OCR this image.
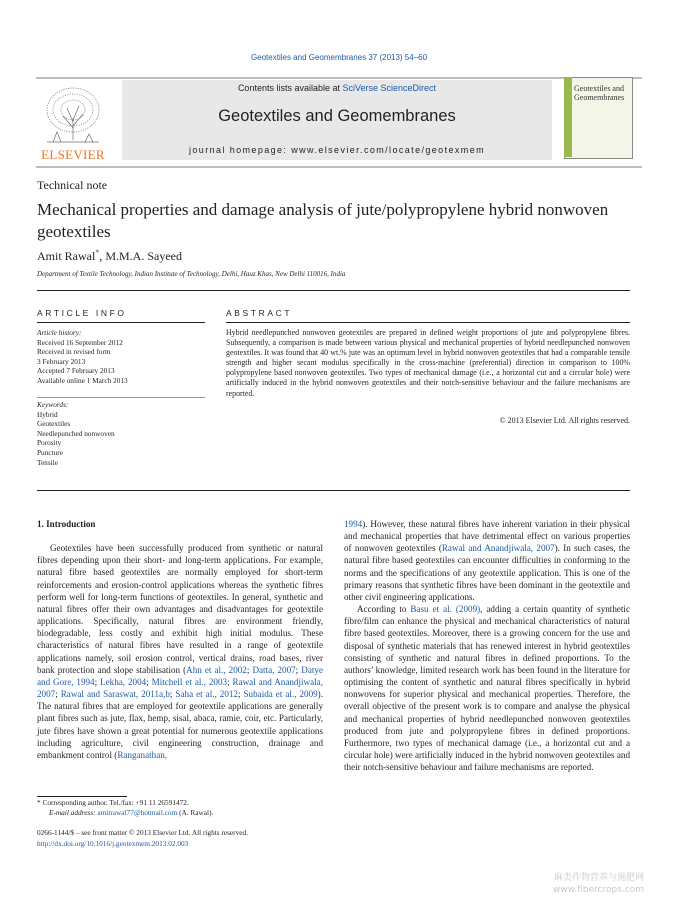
Geotextiles and Geomembranes 37 (2013) 54–60
ELSEVIER
Contents lists available at SciVerse ScienceDirect
Geotextiles and Geomembranes
journal homepage: www.elsevier.com/locate/geotexmem
Geotextiles and Geomembranes
Technical note
Mechanical properties and damage analysis of jute/polypropylene hybrid nonwoven geotextiles
Amit Rawal*, M.M.A. Sayeed
Department of Textile Technology, Indian Institute of Technology, Delhi, Hauz Khas, New Delhi 110016, India
ARTICLE INFO	ABSTRACT
Article history:
Received 16 September 2012
Received in revised form
3 February 2013
Accepted 7 February 2013
Available online 1 March 2013
Keywords:
Hybrid
Geotextiles
Needlepunched nonwoven
Porosity
Puncture
Tensile
Hybrid needlepunched nonwoven geotextiles are prepared in defined weight proportions of jute and polypropylene fibres. Subsequently, a comparison is made between various physical and mechanical properties of hybrid needlepunched nonwoven geotextiles. It was found that 40 wt.% jute was an optimum level in hybrid nonwoven geotextiles that had a comparable tensile strength and higher secant modulus specifically in the cross-machine (preferential) direction in comparison to 100% polypropylene based nonwoven geotextiles. Two types of mechanical damage (i.e., a horizontal cut and a circular hole) were artificially induced in the hybrid nonwoven geotextiles and their notch-sensitive behaviour and the failure mechanisms are reported.
© 2013 Elsevier Ltd. All rights reserved.
1. Introduction

Geotextiles have been successfully produced from synthetic or natural fibres depending upon their short- and long-term applications. For example, natural fibre based geotextiles are normally employed for short-term reinforcements and erosion-control applications whereas the synthetic fibres perform well for long-term functions of geotextiles. In general, synthetic and natural fibres offer their own advantages and disadvantages for geotextile applications. Specifically, natural fibres are environment friendly, biodegradable, less costly and exhibit high initial modulus. These characteristics of natural fibres have resulted in a range of geotextile applications namely, soil erosion control, vertical drains, road bases, river bank protection and slope stabilisation (Ahn et al., 2002; Datta, 2007; Datye and Gore, 1994; Lekha, 2004; Mitchell et al., 2003; Rawal and Anandjiwala, 2007; Rawal and Saraswat, 2011a,b; Saha et al., 2012; Subaida et al., 2009). The natural fibres that are employed for geotextile applications are generally plant fibres such as jute, flax, hemp, sisal, abaca, ramie, coir, etc. Particularly, jute fibres have shown a great potential for numerous geotextile applications including agriculture, civil engineering construction, drainage and embankment control (Ranganathan,

1994). However, these natural fibres have inherent variation in their physical and mechanical properties that have detrimental effect on various properties of nonwoven geotextiles (Rawal and Anandjiwala, 2007). In such cases, the natural fibre based geotextiles can encounter difficulties in conforming to the norms and the specifications of any geotextile application. This is one of the primary reasons that synthetic fibres have been dominant in the geotextile and other civil engineering applications.

According to Basu et al. (2009), adding a certain quantity of synthetic fibre/film can enhance the physical and mechanical characteristics of natural fibre based geotextiles. Moreover, there is a growing concern for the use and disposal of synthetic materials that has renewed interest in hybrid geotextiles consisting of synthetic and natural fibres in defined proportions. To the authors’ knowledge, limited research work has been found in the literature for optimising the content of synthetic and natural fibres specifically in hybrid nonwovens for superior physical and mechanical properties. Therefore, the overall objective of the present work is to compare and analyse the physical and mechanical properties of hybrid needlepunched nonwoven geotextiles produced from jute and polypropylene fibres in defined proportions. Furthermore, two types of mechanical damage (i.e., a horizontal cut and a circular hole) were artificially induced in the hybrid nonwoven geotextiles and their notch-sensitive behaviour and failure mechanisms are reported.

* Corresponding author. Tel./fax: +91 11 26591472.
E-mail address: amitrawal77@hotmail.com (A. Rawal).
0266-1144/$ – see front matter © 2013 Elsevier Ltd. All rights reserved.
http://dx.doi.org/10.1016/j.geotexmem.2013.02.003
麻类作物营养与施肥网
www.fibercrops.com
